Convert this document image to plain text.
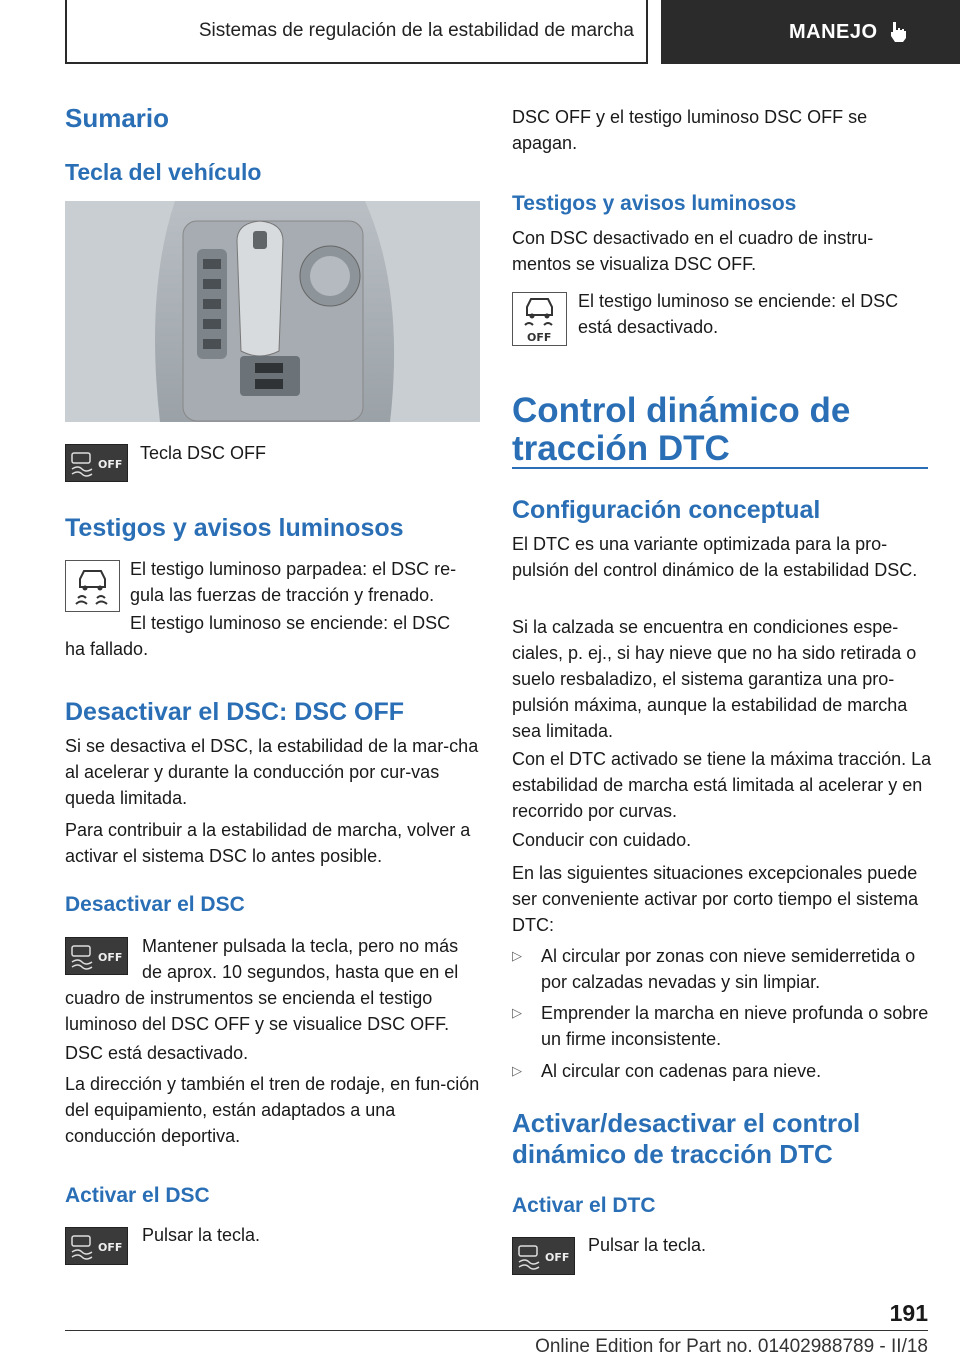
Sistemas de regulación de la estabilidad de marcha	MANEJO
Sumario
Tecla del vehículo
OFF

Tecla DSC OFF

Testigos y avisos luminosos

El testigo luminoso parpadea: el DSC re-gula las fuerzas de tracción y frenado.

El testigo luminoso se enciende: el DSC

ha fallado.

Desactivar el DSC: DSC OFF

Si se desactiva el DSC, la estabilidad de la mar-cha al acelerar y durante la conducción por cur-vas queda limitada.

Para contribuir a la estabilidad de marcha, volver a activar el sistema DSC lo antes posible.

Desactivar el DSC
OFF

Mantener pulsada la tecla, pero no más de aprox. 10 segundos, hasta que en el

cuadro de instrumentos se encienda el testigo luminoso del DSC OFF y se visualice DSC OFF.

DSC está desactivado.

La dirección y también el tren de rodaje, en fun-ción del equipamiento, están adaptados a una conducción deportiva.

Activar el DSC
OFF

Pulsar la tecla.

DSC OFF y el testigo luminoso DSC OFF se apagan.

Testigos y avisos luminosos

Con DSC desactivado en el cuadro de instru-mentos se visualiza DSC OFF.

OFF

El testigo luminoso se enciende: el DSC está desactivado.

Control dinámico de
tracción DTC
Configuración conceptual

El DTC es una variante optimizada para la pro-pulsión del control dinámico de la estabilidad DSC.

Si la calzada se encuentra en condiciones espe-ciales, p. ej., si hay nieve que no ha sido retirada o suelo resbaladizo, el sistema garantiza una pro-pulsión máxima, aunque la estabilidad de marcha sea limitada.

Con el DTC activado se tiene la máxima tracción. La estabilidad de marcha está limitada al acelerar y en recorrido por curvas.

Conducir con cuidado.

En las siguientes situaciones excepcionales puede ser conveniente activar por corto tiempo el sistema DTC:

▷ Al circular por zonas con nieve semiderretida o por calzadas nevadas y sin limpiar.
▷ Emprender la marcha en nieve profunda o sobre un firme inconsistente.
▷ Al circular con cadenas para nieve.
Activar/desactivar el control
dinámico de tracción DTC
Activar el DTC
OFF

Pulsar la tecla.

191
Online Edition for Part no. 01402988789 - II/18
